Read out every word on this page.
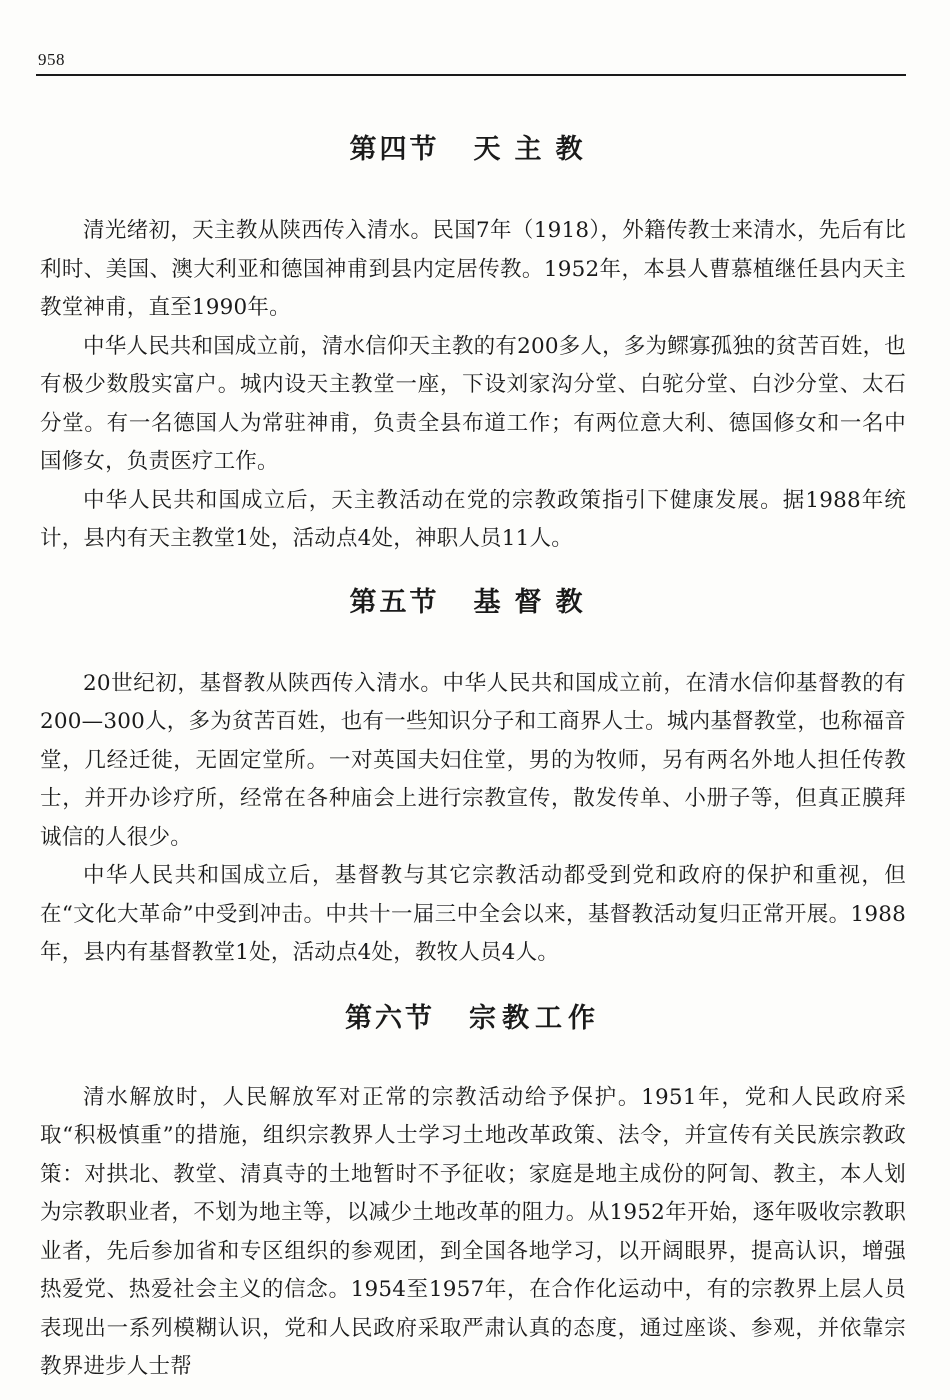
958
第四节 天主教

清光绪初，天主教从陕西传入清水。民国7年（1918），外籍传教士来清水，先后有比利时、美国、澳大利亚和德国神甫到县内定居传教。1952年，本县人曹慕植继任县内天主教堂神甫，直至1990年。

中华人民共和国成立前，清水信仰天主教的有200多人，多为鳏寡孤独的贫苦百姓，也有极少数殷实富户。城内设天主教堂一座，下设刘家沟分堂、白驼分堂、白沙分堂、太石分堂。有一名德国人为常驻神甫，负责全县布道工作；有两位意大利、德国修女和一名中国修女，负责医疗工作。

中华人民共和国成立后，天主教活动在党的宗教政策指引下健康发展。据1988年统计，县内有天主教堂1处，活动点4处，神职人员11人。

第五节 基督教

20世纪初，基督教从陕西传入清水。中华人民共和国成立前，在清水信仰基督教的有200—300人，多为贫苦百姓，也有一些知识分子和工商界人士。城内基督教堂，也称福音堂，几经迁徙，无固定堂所。一对英国夫妇住堂，男的为牧师，另有两名外地人担任传教士，并开办诊疗所，经常在各种庙会上进行宗教宣传，散发传单、小册子等，但真正膜拜诚信的人很少。

中华人民共和国成立后，基督教与其它宗教活动都受到党和政府的保护和重视，但在“文化大革命”中受到冲击。中共十一届三中全会以来，基督教活动复归正常开展。1988年，县内有基督教堂1处，活动点4处，教牧人员4人。

第六节 宗教工作

清水解放时，人民解放军对正常的宗教活动给予保护。1951年，党和人民政府采取“积极慎重”的措施，组织宗教界人士学习土地改革政策、法令，并宣传有关民族宗教政策：对拱北、教堂、清真寺的土地暂时不予征收；家庭是地主成份的阿訇、教主，本人划为宗教职业者，不划为地主等，以减少土地改革的阻力。从1952年开始，逐年吸收宗教职业者，先后参加省和专区组织的参观团，到全国各地学习，以开阔眼界，提高认识，增强热爱党、热爱社会主义的信念。1954至1957年，在合作化运动中，有的宗教界上层人员表现出一系列模糊认识，党和人民政府采取严肃认真的态度，通过座谈、参观，并依靠宗教界进步人士帮
